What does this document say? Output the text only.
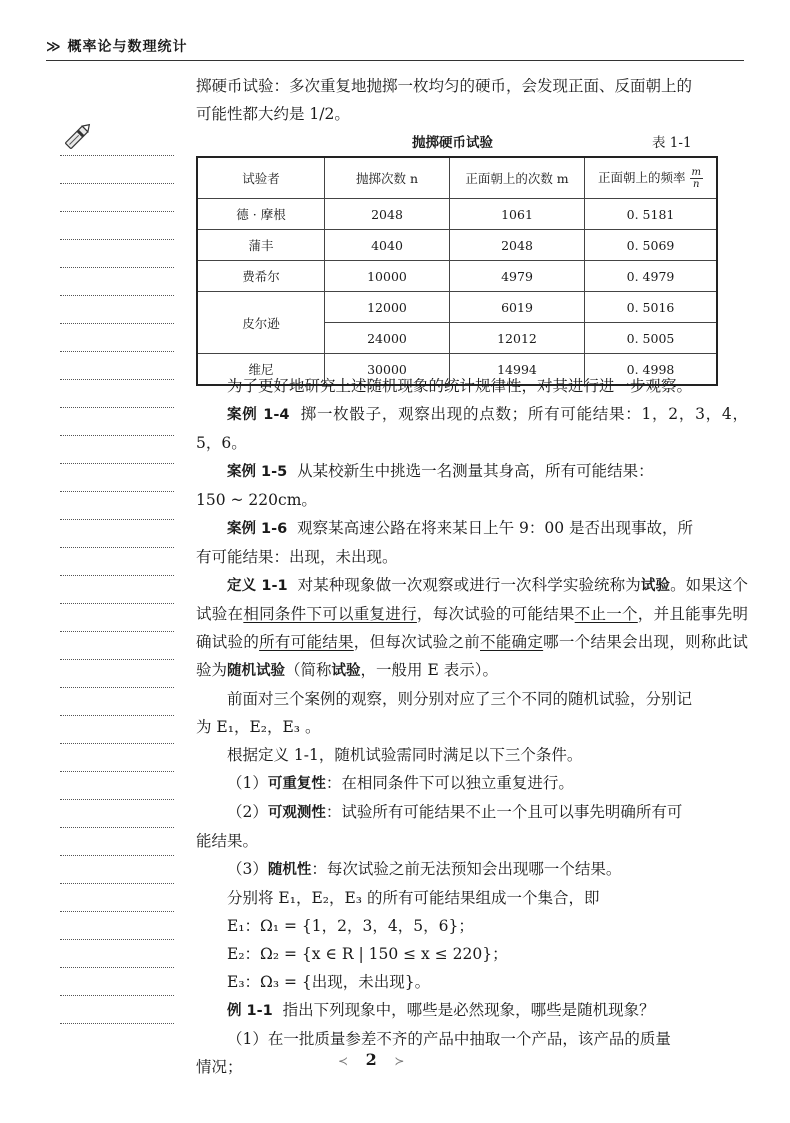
≫ 概率论与数理统计

掷硬币试验：多次重复地抛掷一枚均匀的硬币，会发现正面、反面朝上的

可能性都大约是 1/2。

抛掷硬币试验	表 1-1
试验者	抛掷次数 n	正面朝上的次数 m	正面朝上的频率 $\frac{m}{n}$

德 · 摩根	2048	1061	0. 5181
蒲丰	4040	2048	0. 5069
费希尔	10000	4979	0. 4979
皮尔逊	12000	6019	0. 5016
	24000	12012	0. 5005
维尼	30000	14994	0. 4998

为了更好地研究上述随机现象的统计规律性，对其进行进一步观察。

案例 1-4 掷一枚骰子，观察出现的点数；所有可能结果：1，2，3，4，5，6。

案例 1-5 从某校新生中挑选一名测量其身高，所有可能结果：

150 ~ 220cm。

案例 1-6 观察某高速公路在将来某日上午 9：00 是否出现事故，所

有可能结果：出现，未出现。

定义 1-1 对某种现象做一次观察或进行一次科学实验统称为试验。如果这个试验在相同条件下可以重复进行，每次试验的可能结果不止一个，并且能事先明确试验的所有可能结果，但每次试验之前不能确定哪一个结果会出现，则称此试验为随机试验（简称试验，一般用 E 表示）。

前面对三个案例的观察，则分别对应了三个不同的随机试验，分别记

为 E₁，E₂，E₃ 。

根据定义 1-1，随机试验需同时满足以下三个条件。

（1）可重复性：在相同条件下可以独立重复进行。

（2）可观测性：试验所有可能结果不止一个且可以事先明确所有可

能结果。

（3）随机性：每次试验之前无法预知会出现哪一个结果。

分别将 E₁，E₂，E₃ 的所有可能结果组成一个集合，即

E₁：Ω₁ = {1，2，3，4，5，6}；

E₂：Ω₂ = {x ∈ R | 150 ≤ x ≤ 220}；

E₃：Ω₃ = {出现，未出现}。

例 1-1 指出下列现象中，哪些是必然现象，哪些是随机现象？

（1）在一批质量参差不齐的产品中抽取一个产品，该产品的质量

情况；	≺ 2 ≻
